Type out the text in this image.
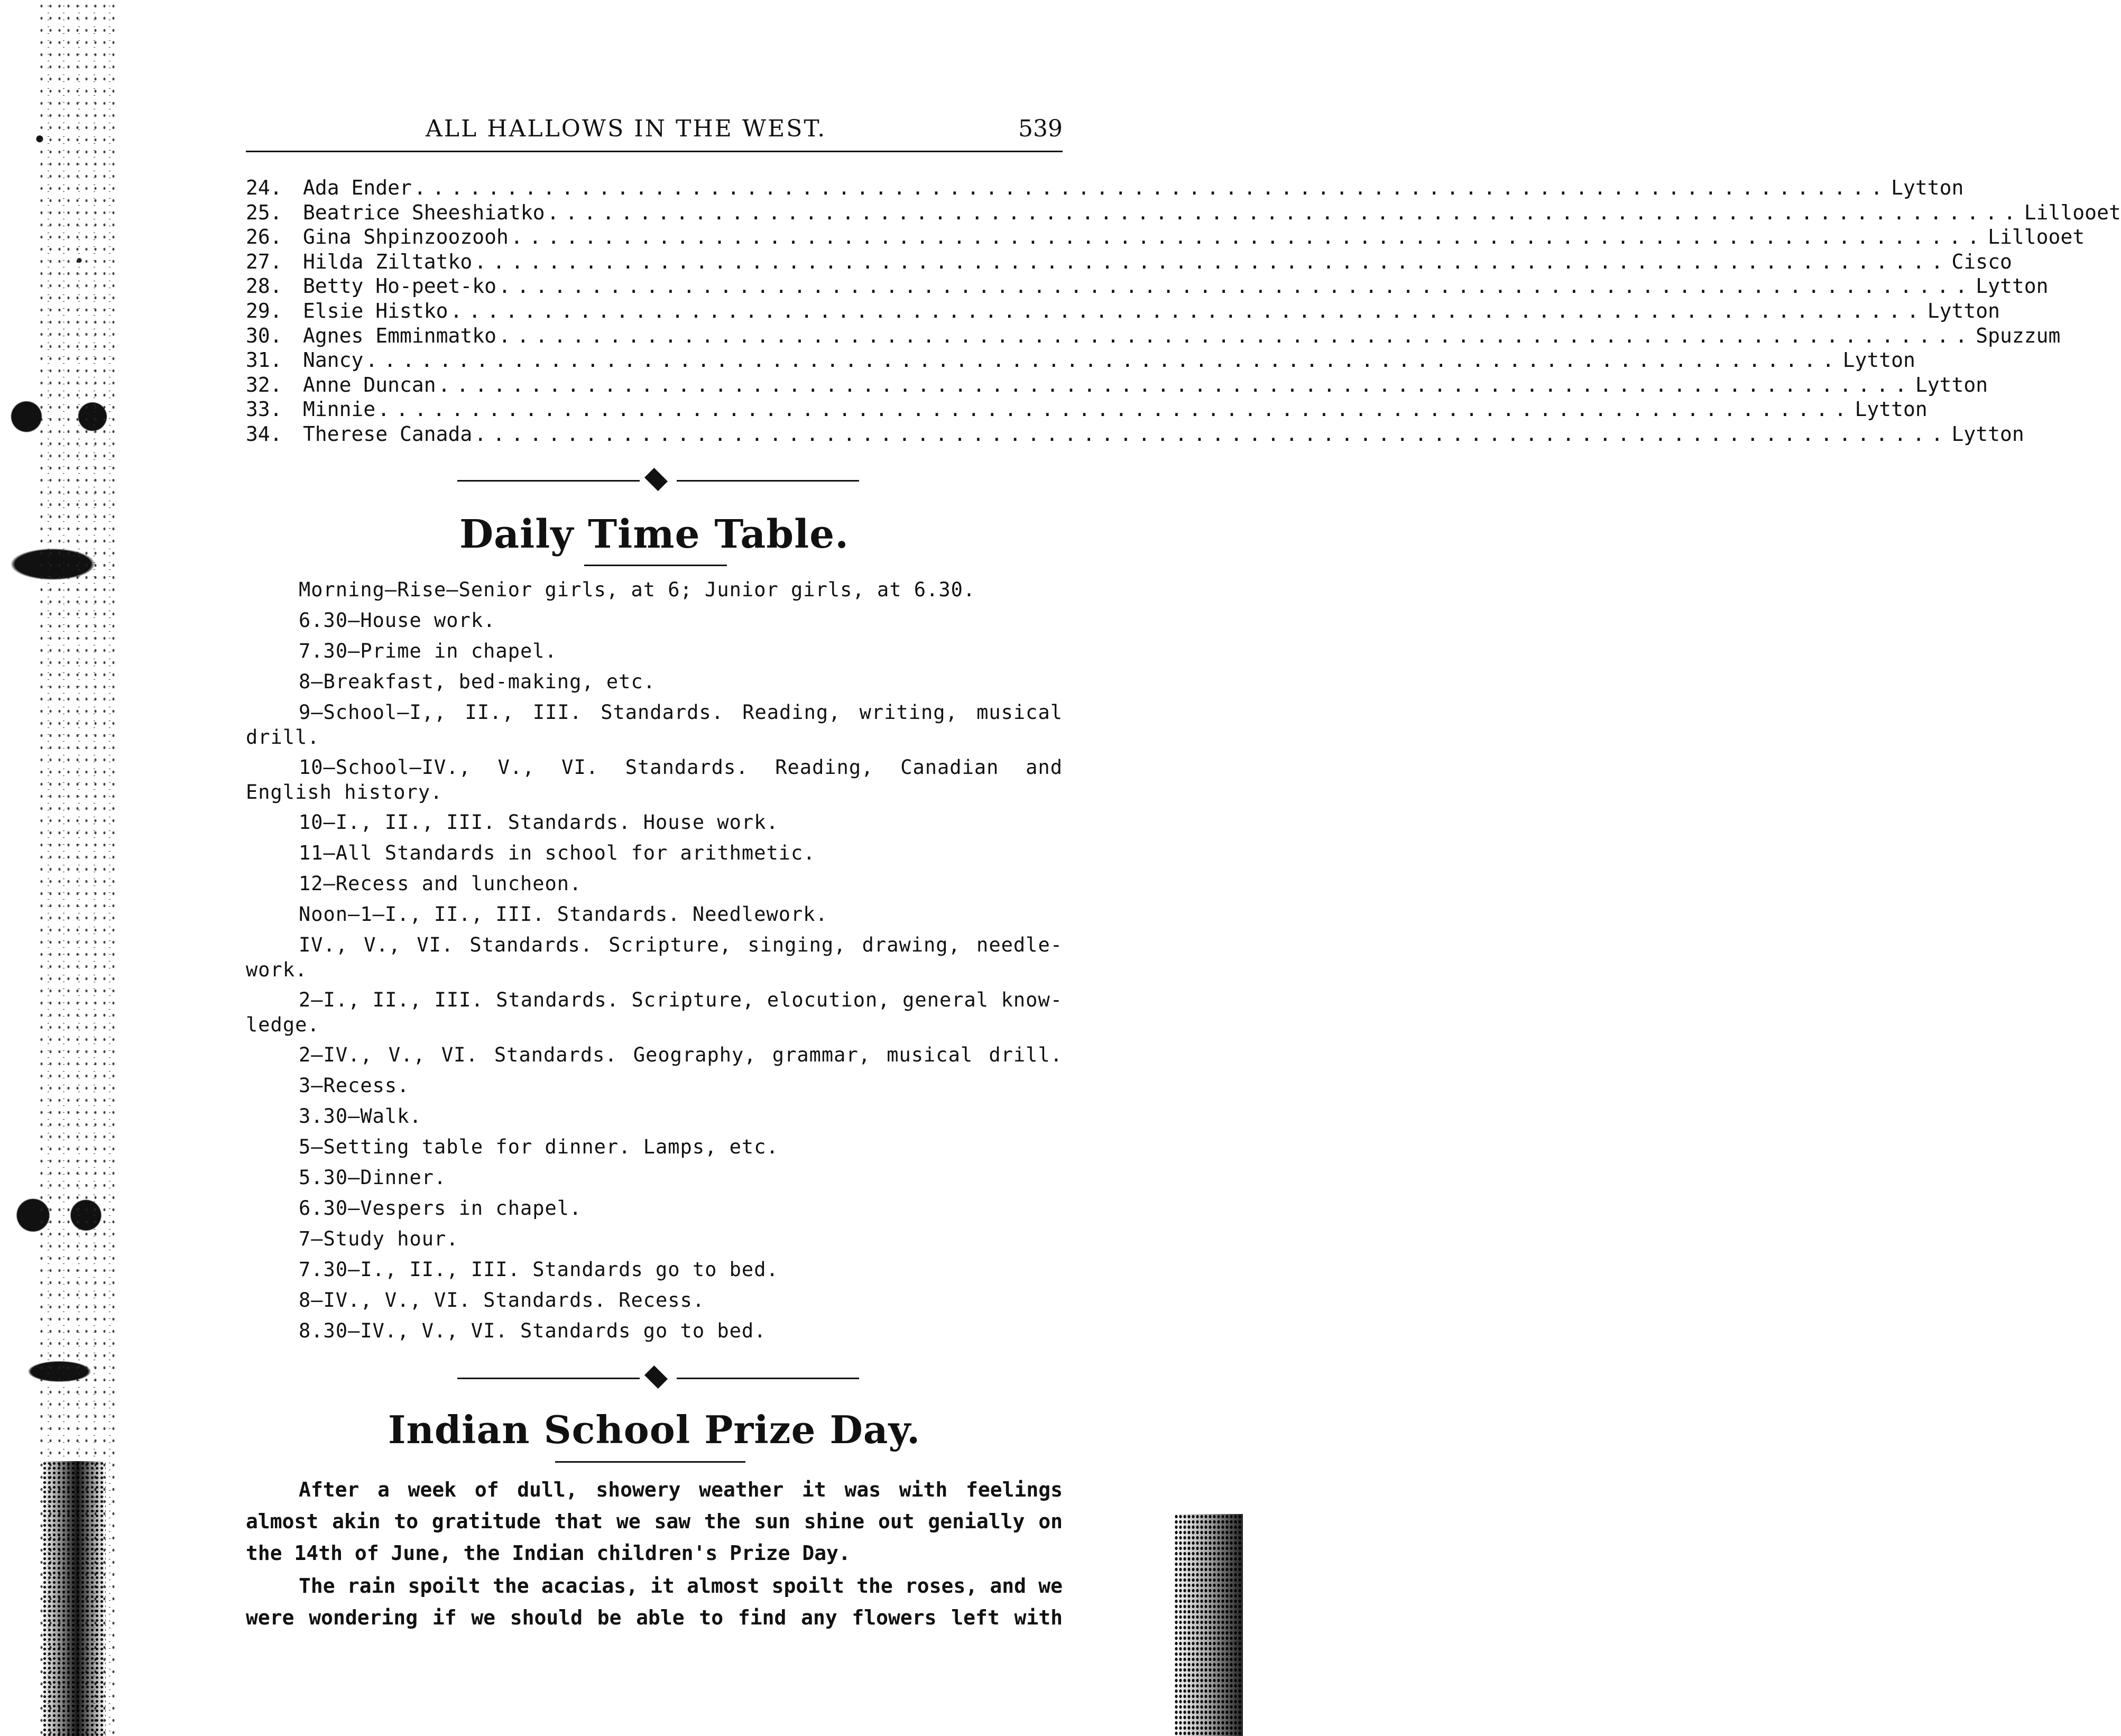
ALL HALLOWS IN THE WEST.	539
24.	Ada Ender ................................................................................ Lytton
25.	Beatrice Sheeshiatko ................................................................................ Lillooet
26.	Gina Shpinzoozooh ................................................................................ Lillooet
27.	Hilda Ziltatko ................................................................................ Cisco
28.	Betty Ho-peet-ko ................................................................................ Lytton
29.	Elsie Histko ................................................................................ Lytton
30.	Agnes Emminmatko ................................................................................ Spuzzum
31.	Nancy ................................................................................ Lytton
32.	Anne Duncan ................................................................................ Lytton
33.	Minnie ................................................................................ Lytton
34.	Therese Canada ................................................................................ Lytton
Daily Time Table.
Morning—Rise—Senior girls, at 6; Junior girls, at 6.30.
6.30—House work.
7.30—Prime in chapel.
8—Breakfast, bed-making, etc.
9—School—I,, II., III. Standards. Reading, writing, musical
drill.
10—School—IV., V., VI. Standards. Reading, Canadian and
English history.
10—I., II., III. Standards. House work.
11—All Standards in school for arithmetic.
12—Recess and luncheon.
Noon—1—I., II., III. Standards. Needlework.
IV., V., VI. Standards. Scripture, singing, drawing, needle-
work.
2—I., II., III. Standards. Scripture, elocution, general know-
ledge.
2—IV., V., VI. Standards. Geography, grammar, musical drill.
3—Recess.
3.30—Walk.
5—Setting table for dinner. Lamps, etc.
5.30—Dinner.
6.30—Vespers in chapel.
7—Study hour.
7.30—I., II., III. Standards go to bed.
8—IV., V., VI. Standards. Recess.
8.30—IV., V., VI. Standards go to bed.
Indian School Prize Day.
After a week of dull, showery weather it was with feelings
almost akin to gratitude that we saw the sun shine out genially on
the 14th of June, the Indian children's Prize Day.
The rain spoilt the acacias, it almost spoilt the roses, and we
were wondering if we should be able to find any flowers left with
